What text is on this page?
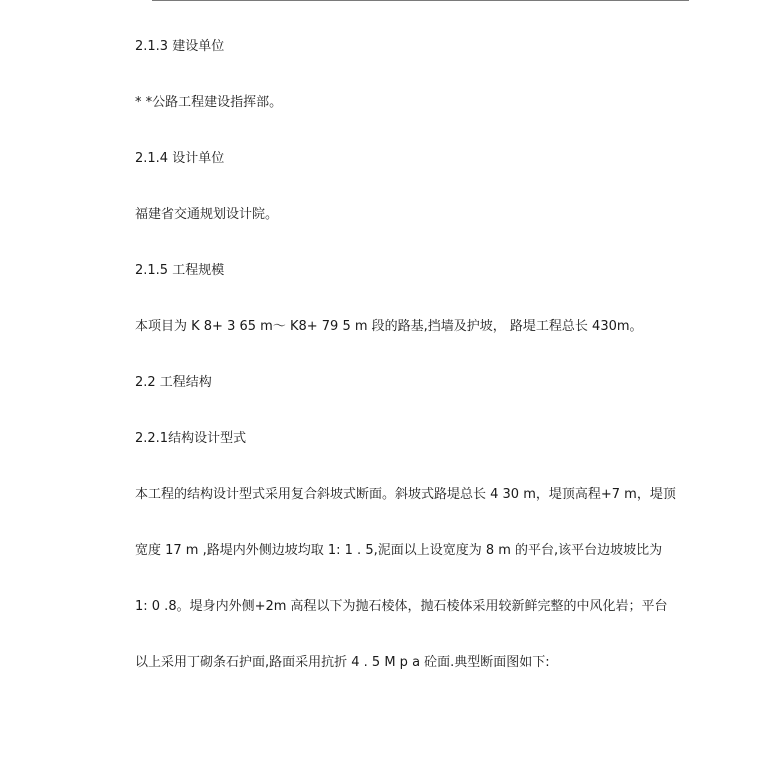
2.1.3 建设单位
* *公路工程建设指挥部。
2.1.4 设计单位
福建省交通规划设计院。
2.1.5 工程规模
本项目为 K 8+ 3 65 m～ K8+ 79 5 m 段的路基,挡墙及护坡， 路堤工程总长 430m。
2.2 工程结构
2.2.1结构设计型式
本工程的结构设计型式采用复合斜坡式断面。斜坡式路堤总长 4 30 m，堤顶高程+7 m，堤顶
宽度 17 m ,路堤内外侧边坡均取 1: 1 . 5,泥面以上设宽度为 8 m 的平台,该平台边坡坡比为
1: 0 .8。堤身内外侧+2m 高程以下为抛石棱体，抛石棱体采用较新鲜完整的中风化岩；平台
以上采用丁砌条石护面,路面采用抗折 4 . 5 M p a 砼面.典型断面图如下:
